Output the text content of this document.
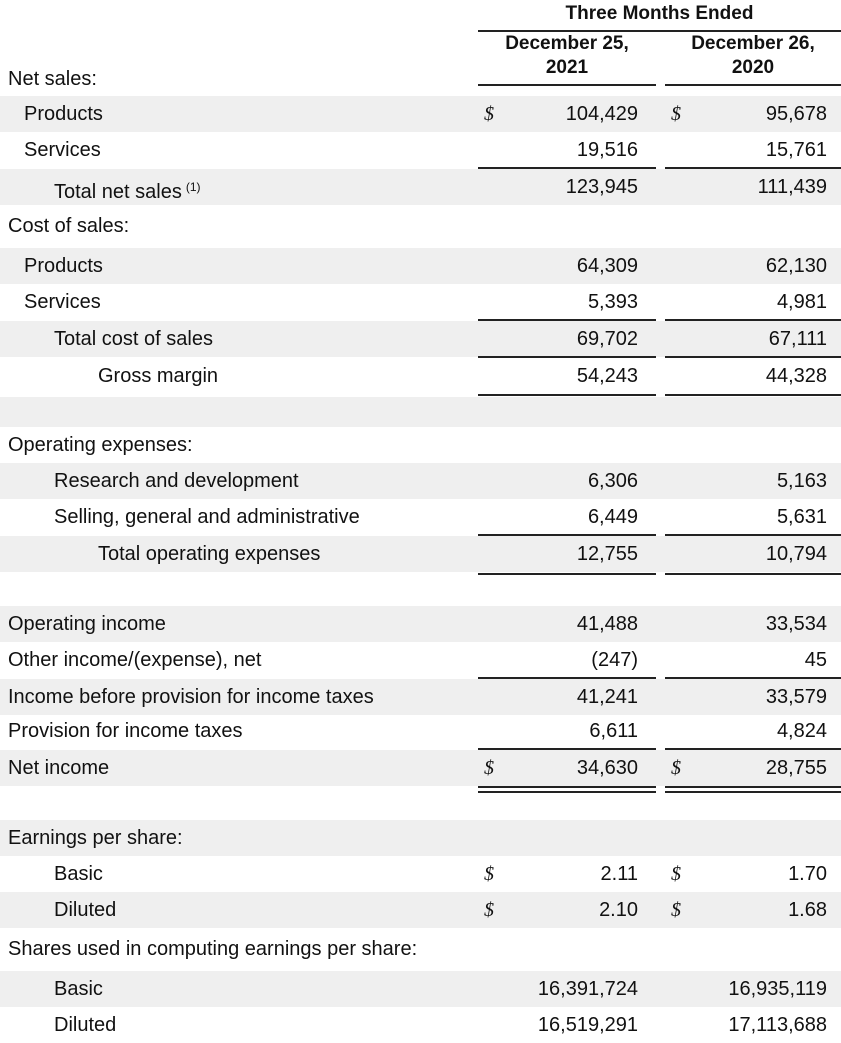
Three Months Ended
December 25,
2021
December 26,
2020
Net sales:
Products	$	104,429 $	95,678
Services	19,516	15,761
Total net sales $^{(1)}$	123,945	111,439
Cost of sales:
Products	64,309	62,130
Services	5,393	4,981
Total cost of sales	69,702	67,111
Gross margin	54,243	44,328
Operating expenses:
Research and development	6,306	5,163
Selling, general and administrative	6,449	5,631
Total operating expenses	12,755	10,794
Operating income	41,488	33,534
Other income/(expense), net	(247)	45
Income before provision for income taxes	41,241	33,579
Provision for income taxes	6,611	4,824
Net income	$	34,630 $	28,755
Earnings per share:
Basic	$	2.11 $	1.70
Diluted	$	2.10 $	1.68
Shares used in computing earnings per share:
Basic	16,391,724	16,935,119
Diluted	16,519,291	17,113,688
